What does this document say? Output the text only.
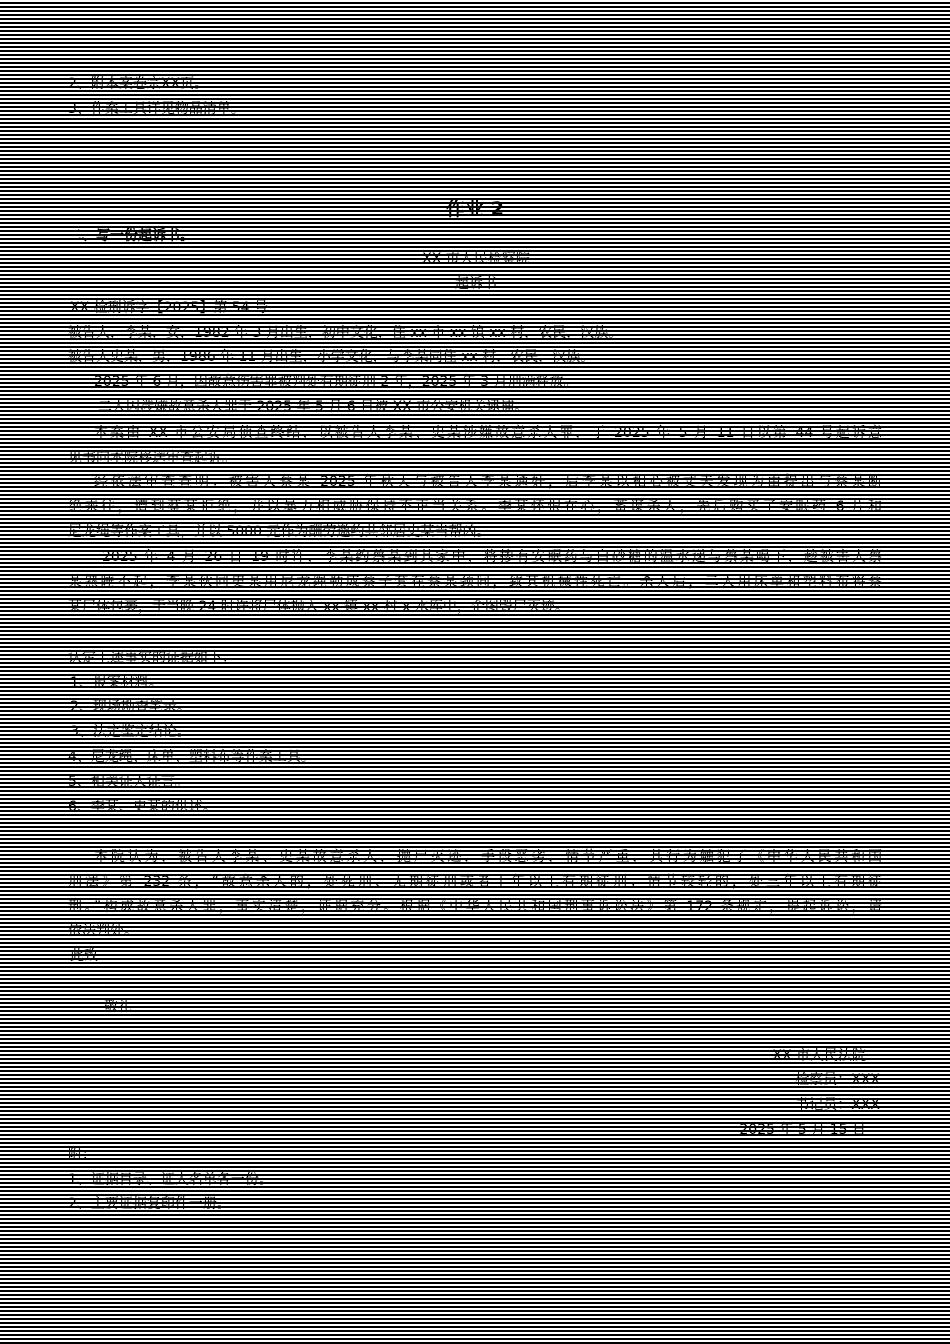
2、附本案卷宗XX页。
3、作案工具详见物品清单。
作业 2
二、写一份起诉书。
XX 市人民检察院
起诉书
XX 检刑诉字【2025】第 54 号
被告人，李某，女，1982 年 3 月出生，初中文化，住 xx 市 xx 镇 xx 村，农民，汉族。
被告人史某，男，1986 年 11 月出生，小学文化，与李某同住 xx 村，农民，汉族。
2025 年 6 月，因故意伤害罪被判处有期徒刑 2 年，2025 年 3 月刑满释放。
二人因涉嫌故意杀人罪于 2025 年 5 月 6 日被 XX 市公安机关逮捕。
本案由 XX 市公安局侦查终结，以被告人李某、史某涉嫌故意杀人罪，于 2025 年 5 月 11 日以第 44 号起诉意
见书向本院移送审查起诉。
经依法审查查明：被害人蔡某 2025 年秋天与被告人李某通奸，后李某以相心被丈夫发现为由提出与蔡某断
绝来往，遭到蔡某拒绝，并以暴力相威胁保持不正当关系。李某怀恨在心，蓄谋杀人，先后购买了安眠药 6 片和
尼龙绳等作案工具，并以 5000 元作为酬劳邀约共邻居史某当帮凶。
2025 年 4 月 26 日 19 时许，李某约蔡某到其家中，将掺有安眠药与白砂糖的温水递与蔡某喝下，趁被害人蔡
某熟睡不起，李某伙同史某用尼龙绳勒成蔡子套在蔡某颈间，致其机械性死亡。杀人后，二人用床单和塑料布将蔡
某尸体包裹，于当晚 24 时许将尸体抛入 xx 镇 xx 村 x 水库中，企图毁尸灭迹。
认定上述事实的证据如下：
1、报案材料。
2、现场勘查笔录。
3、法定鉴定结论。
4、尼龙绳、床单、塑料布等作案工具。
5、相关证人证言。
6、李某、史某的供述。
本院认为，被告人李某、史某故意杀人，抛尸灭迹，手段恶劣，情节严重，其行为触犯了《中华人民共和国
刑法》第 232 条，“故意杀人的，处死刑、无期徒刑或者十年以上有期徒刑；情节较轻的，处三年以上有期徒
刑。”构成故意杀人罪，事实清楚，证据充分。根据《中华人民共和国刑事诉讼法》第 172 条规定，提起诉讼，请
依法判处。
此致
敬礼
XX 市人民法院
检察员：XXX
书记员：XXX
2025 年 5 月 15 日
附：
1、证据目录、证人名单各一份。
2、主要证据复印件一册。
